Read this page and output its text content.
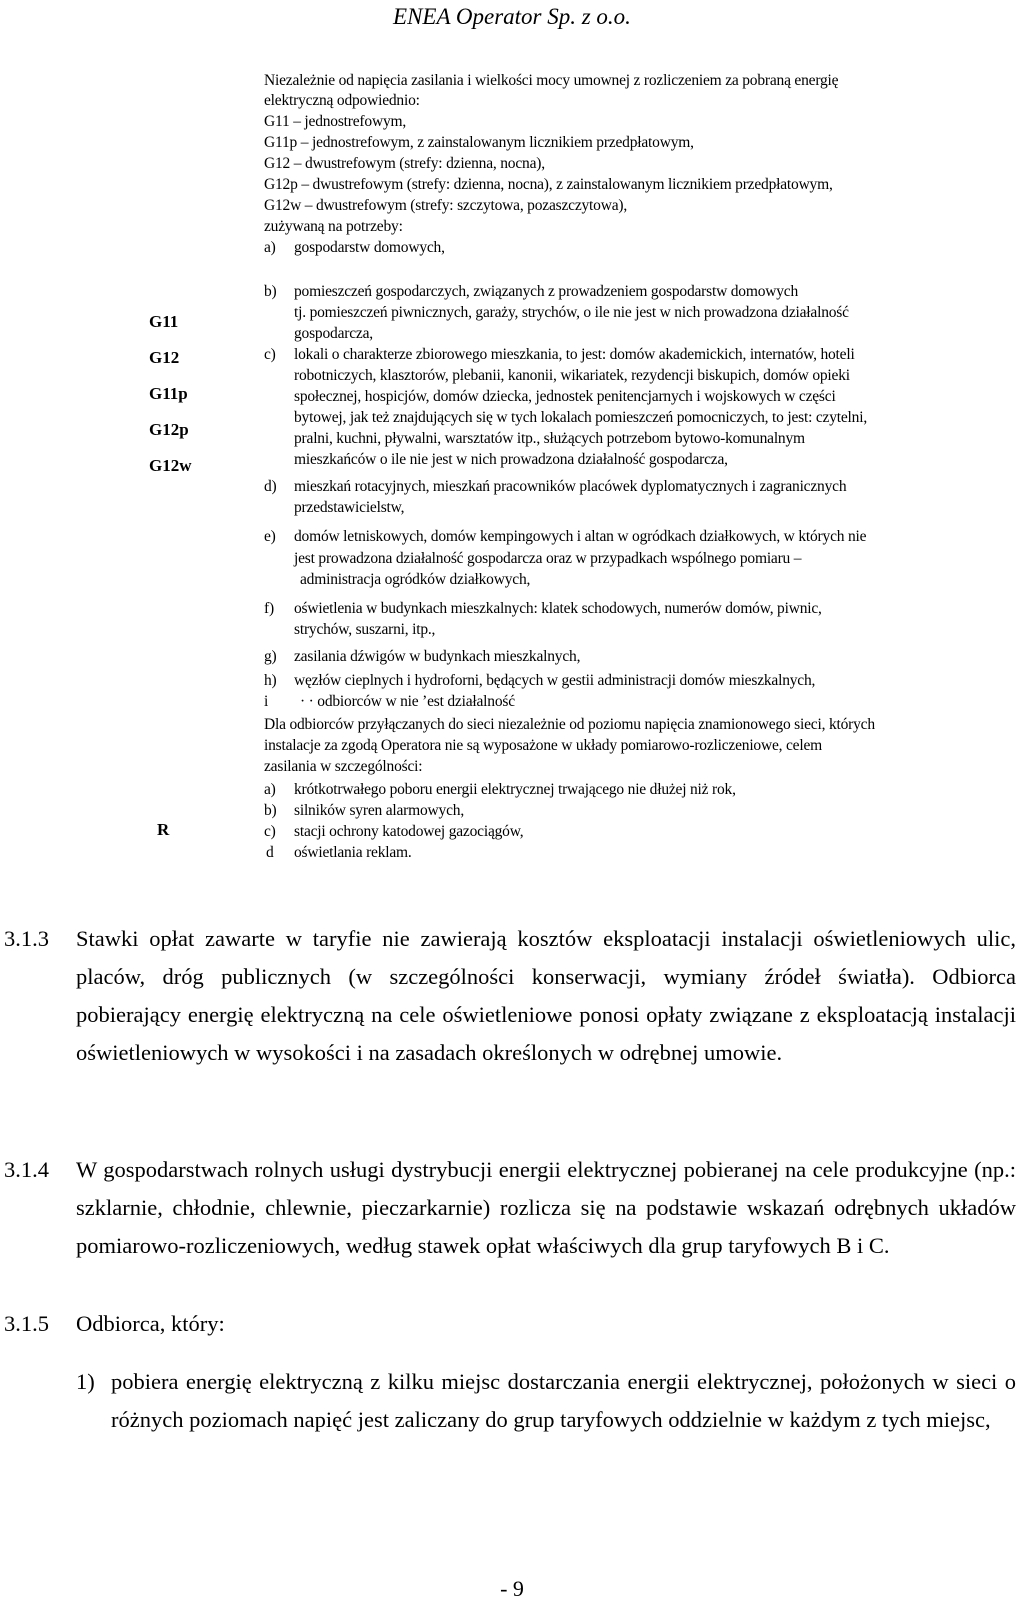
ENEA Operator Sp. z o.o.
G11
G12
G11p
G12p
G12w
R
Niezależnie od napięcia zasilania i wielkości mocy umownej z rozliczeniem za pobraną energię
elektryczną odpowiednio:
G11 – jednostrefowym,
G11p – jednostrefowym, z zainstalowanym licznikiem przedpłatowym,
G12 – dwustrefowym (strefy: dzienna, nocna),
G12p – dwustrefowym (strefy: dzienna, nocna), z zainstalowanym licznikiem przedpłatowym,
G12w – dwustrefowym (strefy: szczytowa, pozaszczytowa),
zużywaną na potrzeby:
a) gospodarstw domowych,
b) pomieszczeń gospodarczych, związanych z prowadzeniem gospodarstw domowych
tj. pomieszczeń piwnicznych, garaży, strychów, o ile nie jest w nich prowadzona działalność
gospodarcza,
c) lokali o charakterze zbiorowego mieszkania, to jest: domów akademickich, internatów, hoteli
robotniczych, klasztorów, plebanii, kanonii, wikariatek, rezydencji biskupich, domów opieki
społecznej, hospicjów, domów dziecka, jednostek penitencjarnych i wojskowych w części
bytowej, jak też znajdujących się w tych lokalach pomieszczeń pomocniczych, to jest: czytelni,
pralni, kuchni, pływalni, warsztatów itp., służących potrzebom bytowo-komunalnym
mieszkańców o ile nie jest w nich prowadzona działalność gospodarcza,
d) mieszkań rotacyjnych, mieszkań pracowników placówek dyplomatycznych i zagranicznych
przedstawicielstw,
e) domów letniskowych, domów kempingowych i altan w ogródkach działkowych, w których nie
jest prowadzona działalność gospodarcza oraz w przypadkach wspólnego pomiaru –
administracja ogródków działkowych,
f) oświetlenia w budynkach mieszkalnych: klatek schodowych, numerów domów, piwnic,
strychów, suszarni, itp.,
g) zasilania dźwigów w budynkach mieszkalnych,
h) węzłów cieplnych i hydroforni, będących w gestii administracji domów mieszkalnych,
i · · odbiorców w nie ʼest działalność
Dla odbiorców przyłączanych do sieci niezależnie od poziomu napięcia znamionowego sieci, których
instalacje za zgodą Operatora nie są wyposażone w układy pomiarowo-rozliczeniowe, celem
zasilania w szczególności:
a) krótkotrwałego poboru energii elektrycznej trwającego nie dłużej niż rok,
b) silników syren alarmowych,
c) stacji ochrony katodowej gazociągów,
d oświetlania reklam.
3.1.3 Stawki opłat zawarte w taryfie nie zawierają kosztów eksploatacji instalacji oświetleniowych ulic, placów, dróg publicznych (w szczególności konserwacji, wymiany źródeł światła). Odbiorca pobierający energię elektryczną na cele oświetleniowe ponosi opłaty związane z eksploatacją instalacji oświetleniowych w wysokości i na zasadach określonych w odrębnej umowie.
3.1.4 W gospodarstwach rolnych usługi dystrybucji energii elektrycznej pobieranej na cele produkcyjne (np.: szklarnie, chłodnie, chlewnie, pieczarkarnie) rozlicza się na podstawie wskazań odrębnych układów pomiarowo-rozliczeniowych, według stawek opłat właściwych dla grup taryfowych B i C.
3.1.5 Odbiorca, który:
1) pobiera energię elektryczną z kilku miejsc dostarczania energii elektrycznej, położonych w sieci o różnych poziomach napięć jest zaliczany do grup taryfowych oddzielnie w każdym z tych miejsc,
- 9
